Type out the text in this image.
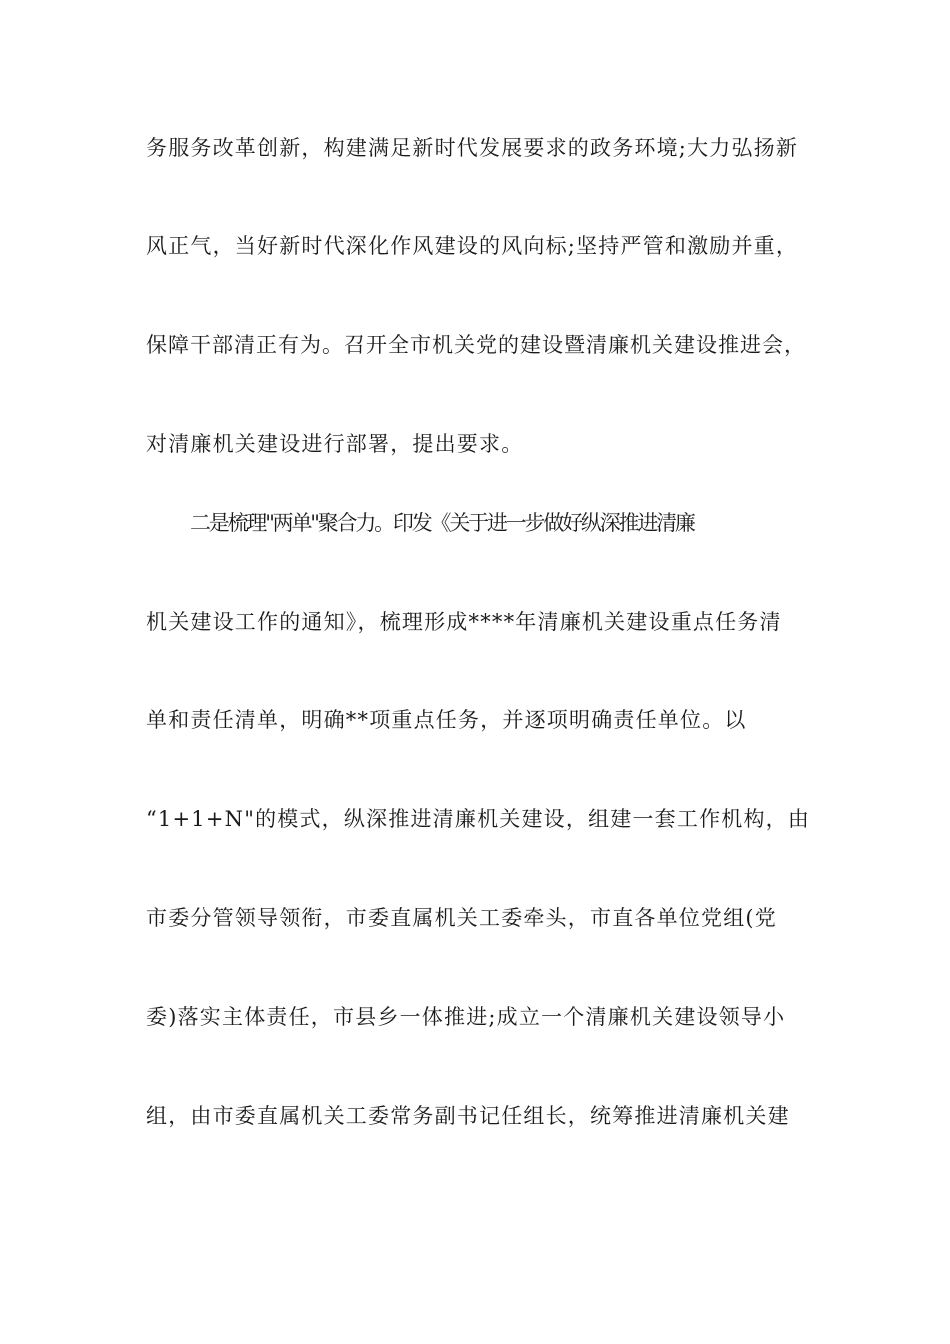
务服务改革创新，构建满足新时代发展要求的政务环境;大力弘扬新
风正气，当好新时代深化作风建设的风向标;坚持严管和激励并重，
保障干部清正有为。召开全市机关党的建设暨清廉机关建设推进会，
对清廉机关建设进行部署，提出要求。
二是梳理"两单"聚合力。印发《关于进一步做好纵深推进清廉
机关建设工作的通知》，梳理形成****年清廉机关建设重点任务清
单和责任清单，明确**项重点任务，并逐项明确责任单位。以
“1+1+N"的模式，纵深推进清廉机关建设，组建一套工作机构，由
市委分管领导领衔，市委直属机关工委牵头，市直各单位党组(党
委)落实主体责任，市县乡一体推进;成立一个清廉机关建设领导小
组，由市委直属机关工委常务副书记任组长，统筹推进清廉机关建
